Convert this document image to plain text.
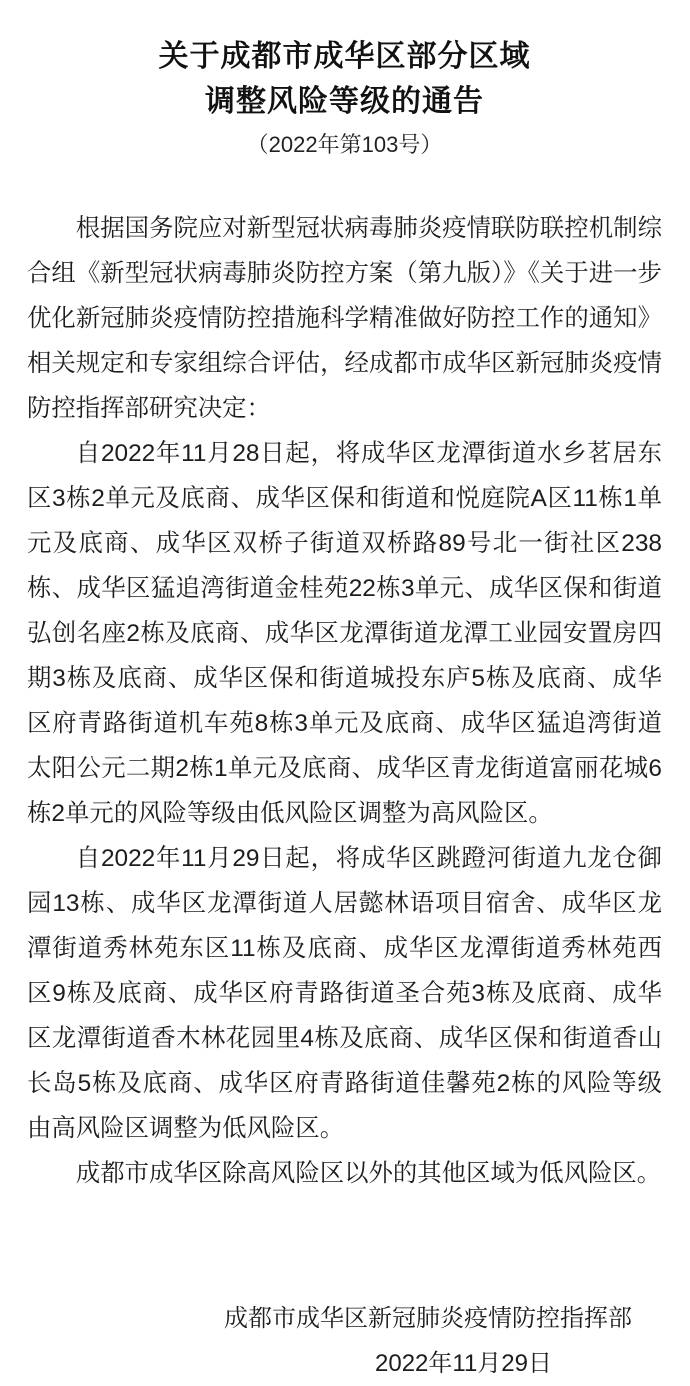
关于成都市成华区部分区域
调整风险等级的通告
（2022年第103号）

根据国务院应对新型冠状病毒肺炎疫情联防联控机制综合组《新型冠状病毒肺炎防控方案（第九版）》《关于进一步优化新冠肺炎疫情防控措施科学精准做好防控工作的通知》相关规定和专家组综合评估，经成都市成华区新冠肺炎疫情防控指挥部研究决定：

自2022年11月28日起，将成华区龙潭街道水乡茗居东区3栋2单元及底商、成华区保和街道和悦庭院A区11栋1单元及底商、成华区双桥子街道双桥路89号北一街社区238栋、成华区猛追湾街道金桂苑22栋3单元、成华区保和街道弘创名座2栋及底商、成华区龙潭街道龙潭工业园安置房四期3栋及底商、成华区保和街道城投东庐5栋及底商、成华区府青路街道机车苑8栋3单元及底商、成华区猛追湾街道太阳公元二期2栋1单元及底商、成华区青龙街道富丽花城6栋2单元的风险等级由低风险区调整为高风险区。

自2022年11月29日起，将成华区跳蹬河街道九龙仓御园13栋、成华区龙潭街道人居懿林语项目宿舍、成华区龙潭街道秀林苑东区11栋及底商、成华区龙潭街道秀林苑西区9栋及底商、成华区府青路街道圣合苑3栋及底商、成华区龙潭街道香木林花园里4栋及底商、成华区保和街道香山长岛5栋及底商、成华区府青路街道佳馨苑2栋的风险等级由高风险区调整为低风险区。

成都市成华区除高风险区以外的其他区域为低风险区。

成都市成华区新冠肺炎疫情防控指挥部
2022年11月29日
